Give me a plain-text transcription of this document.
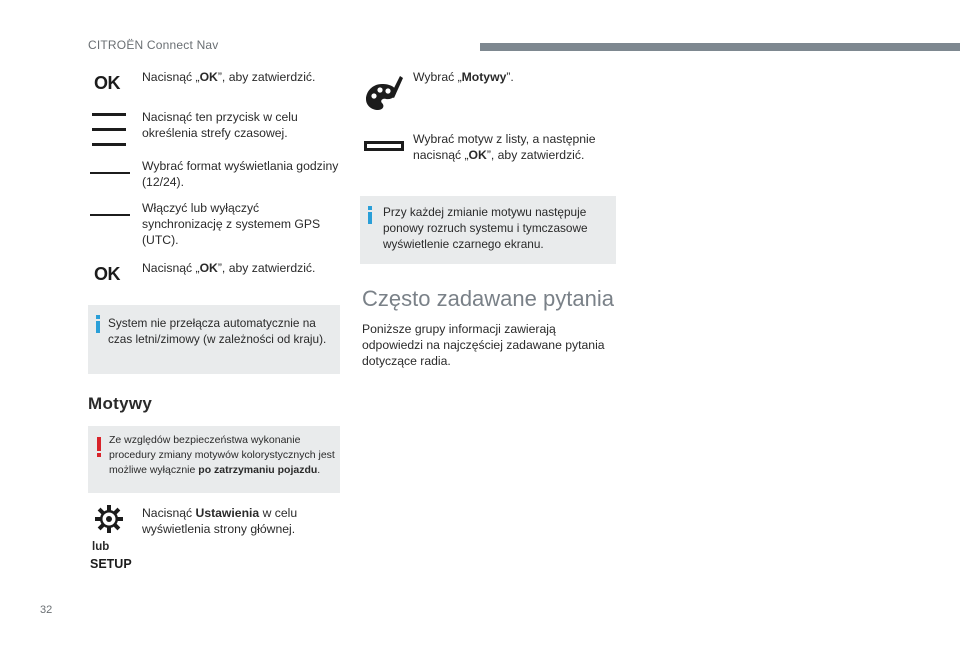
CITROËN Connect Nav
OK Nacisnąć „OK”, aby zatwierdzić.
Nacisnąć ten przycisk w celu
określenia strefy czasowej.
Wybrać format wyświetlania godziny
(12/24).
Włączyć lub wyłączyć
synchronizację z systemem GPS
(UTC).
OK Nacisnąć „OK”, aby zatwierdzić.
System nie przełącza automatycznie na
czas letni/zimowy (w zależności od kraju).
Motywy
Ze względów bezpieczeństwa wykonanie
procedury zmiany motywów kolorystycznych jest
możliwe wyłącznie po zatrzymaniu pojazdu.
Nacisnąć Ustawienia w celu
wyświetlenia strony głównej.
lub
SETUP
Wybrać „Motywy”.
Wybrać motyw z listy, a następnie
nacisnąć „OK”, aby zatwierdzić.
Przy każdej zmianie motywu następuje
ponowy rozruch systemu i tymczasowe
wyświetlenie czarnego ekranu.
Często zadawane pytania
Poniższe grupy informacji zawierają
odpowiedzi na najczęściej zadawane pytania
dotyczące radia.
32
